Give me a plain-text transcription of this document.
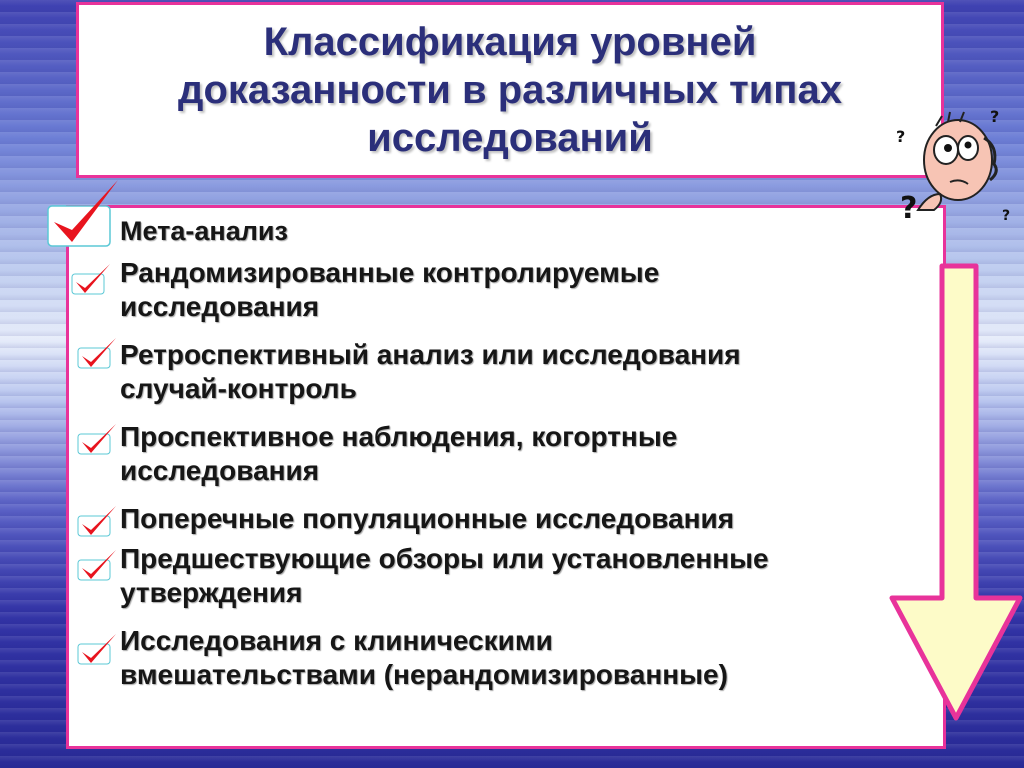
Классификация уровней
доказанности в различных типах
исследований
Мета-анализ
Рандомизированные контролируемые
исследования
Ретроспективный анализ или исследования
случай-контроль
Проспективное наблюдения, когортные
исследования
Поперечные популяционные исследования
Предшествующие обзоры или установленные
утверждения
Исследования с клиническими
вмешательствами (нерандомизированные)
?
?
?
?
